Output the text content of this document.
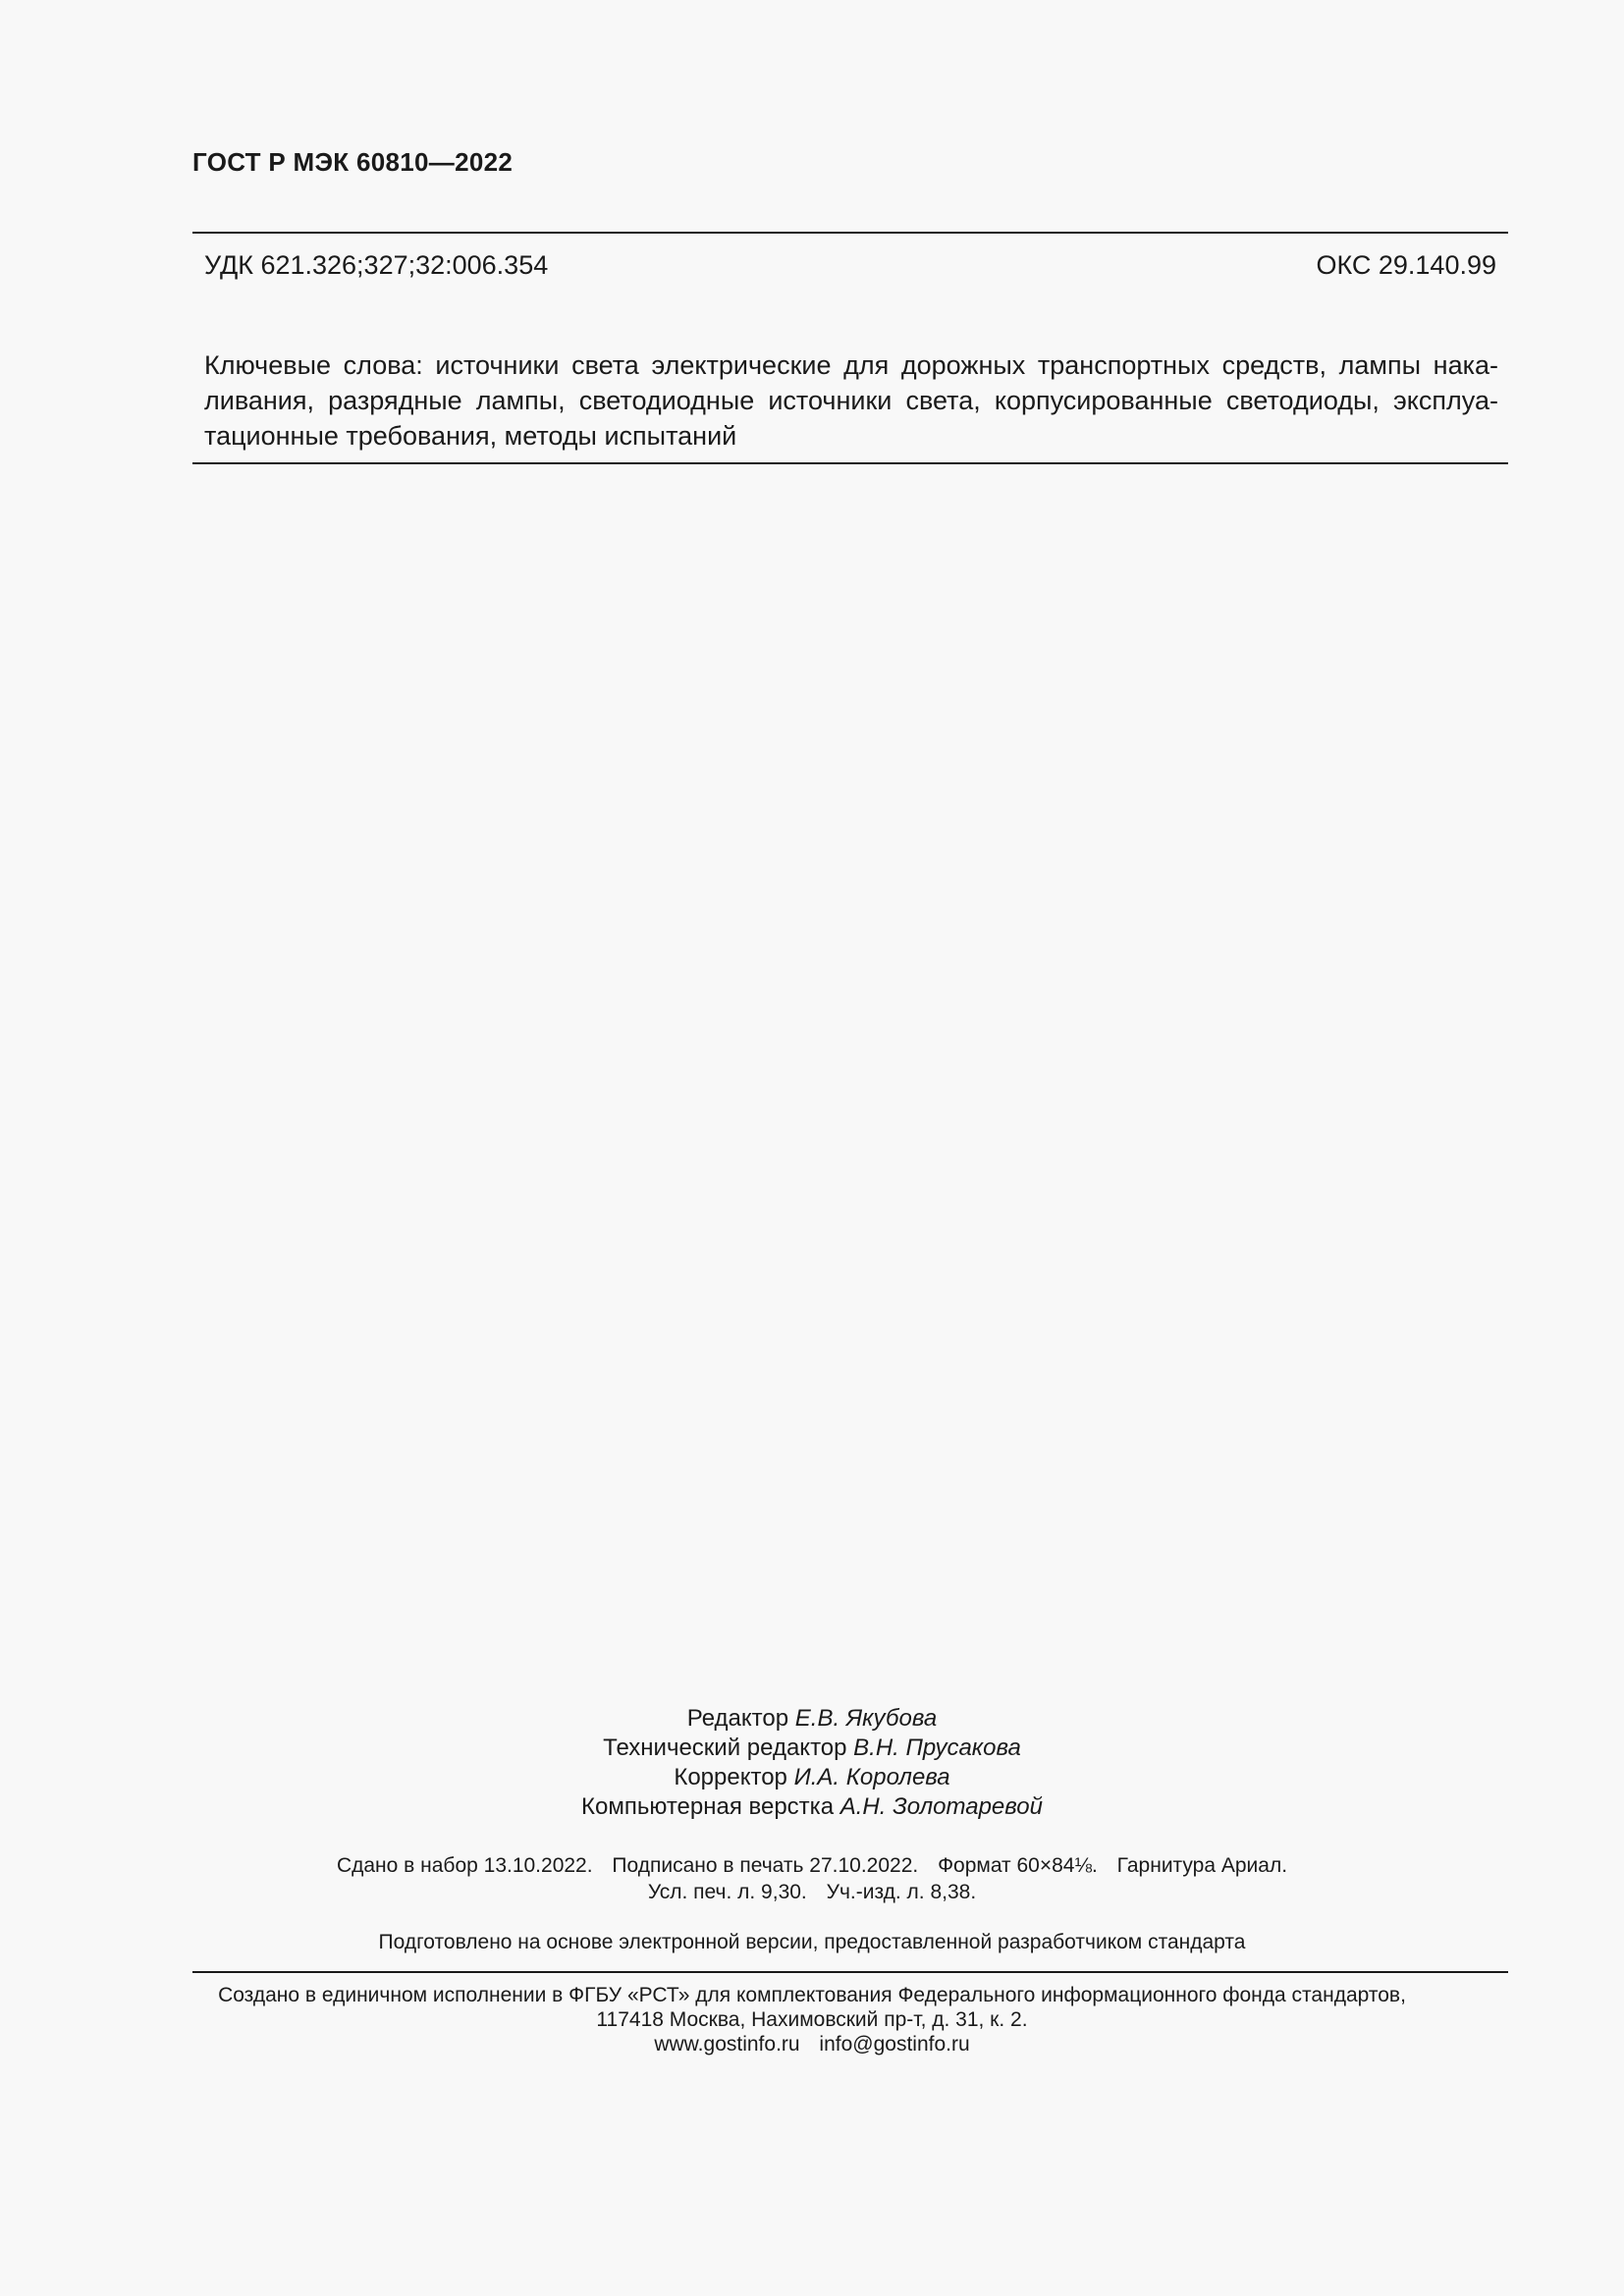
ГОСТ Р МЭК 60810—2022
УДК 621.326;327;32:006.354	ОКС 29.140.99
Ключевые слова: источники света электрические для дорожных транспортных средств, лампы нака-
ливания, разрядные лампы, светодиодные источники света, корпусированные светодиоды, эксплуа-
тационные требования, методы испытаний
Редактор Е.В. Якубова
Технический редактор В.Н. Прусакова
Корректор И.А. Королева
Компьютерная верстка А.Н. Золотаревой
Сдано в набор 13.10.2022. Подписано в печать 27.10.2022. Формат 60×84⅛. Гарнитура Ариал.
Усл. печ. л. 9,30. Уч.-изд. л. 8,38.
Подготовлено на основе электронной версии, предоставленной разработчиком стандарта
Создано в единичном исполнении в ФГБУ «РСТ» для комплектования Федерального информационного фонда стандартов,
117418 Москва, Нахимовский пр-т, д. 31, к. 2.
www.gostinfo.ru info@gostinfo.ru
